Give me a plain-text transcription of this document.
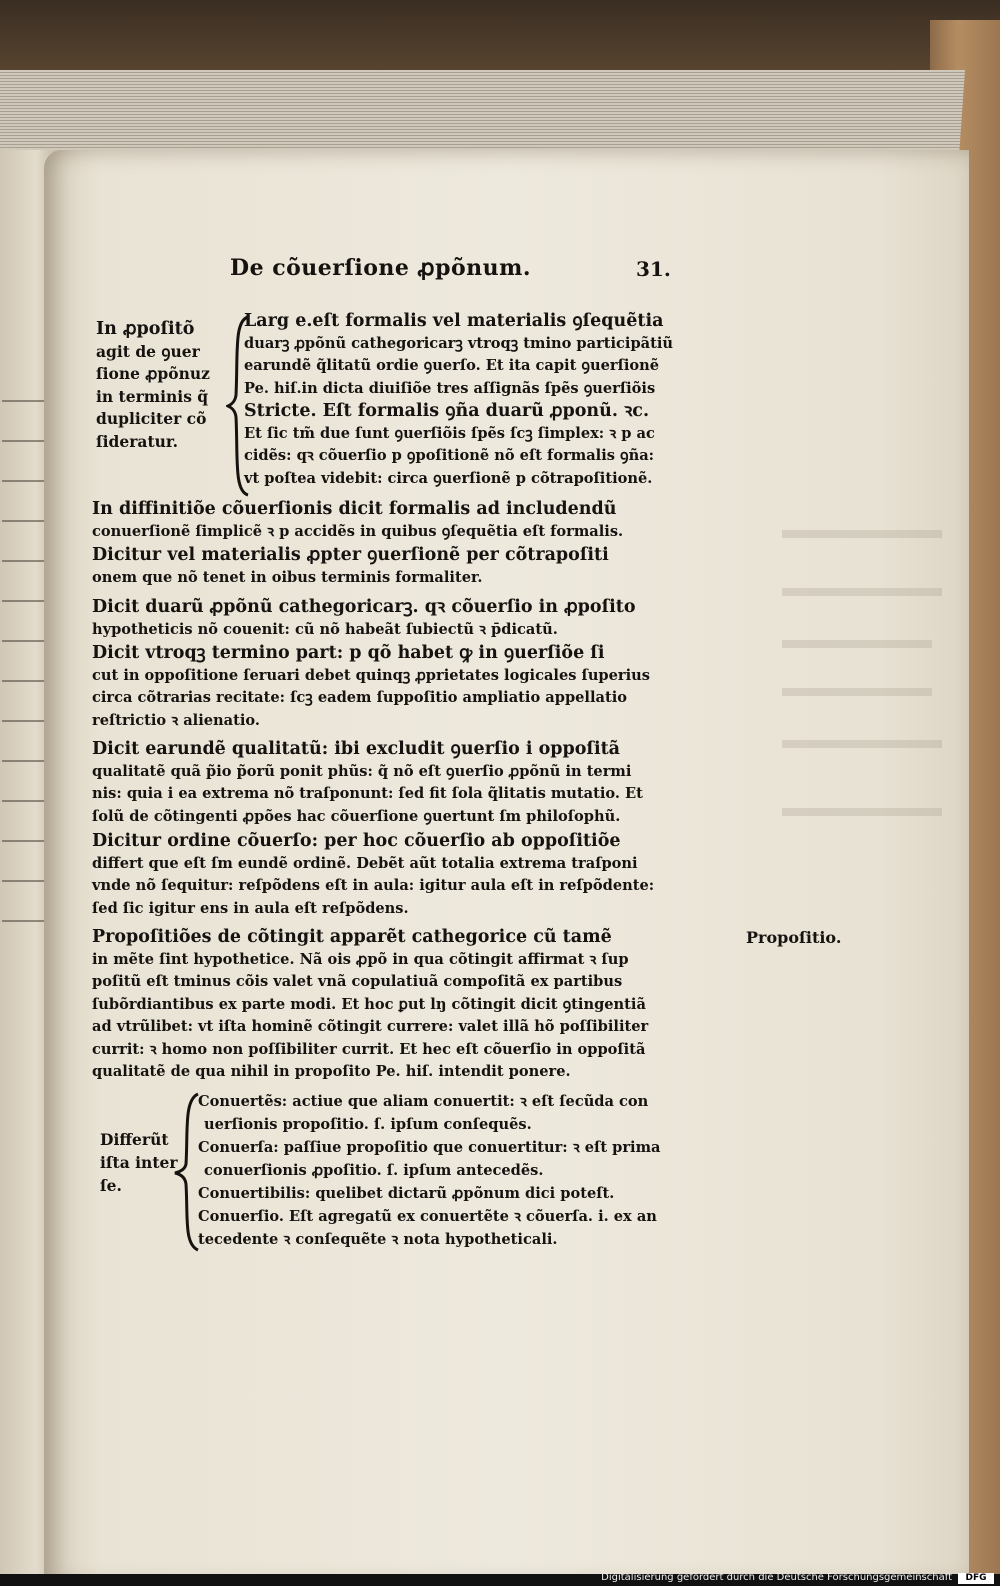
De cõuerſione ꝓpõnum.	31.
In ꝓpoſitõ
agit de ꝯuer
ſione ꝓpõnuz
in terminis q̃
dupliciter cõ
ſideratur.
Larg e.eſt formalis vel materialis ꝯſequẽtia
duarꝫ ꝓpõnũ cathegoricarꝫ vtroqꝫ tmino participãtiũ
earundẽ q̃litatũ ordie ꝯuerſo. Et ita capit ꝯuerſionẽ
Pe. hiſ.in dicta diuiſiõe tres aſſignãs ſpẽs ꝯuerſiõis
Stricte. Eſt formalis ꝯña duarũ ꝓponũ. ꝛc.
Et ſic tm̃ due ſunt ꝯuerſiõis ſpẽs ſcꝫ ſimplex: ꝛ p ac
cidẽs: qꝛ cõuerſio p ꝯpoſitionẽ nõ eſt formalis ꝯña:
vt poſtea videbit: circa ꝯuerſionẽ p cõtrapoſitionẽ.
In diffinitiõe cõuerſionis dicit formalis ad includendũ
conuerſionẽ ſimplicẽ ꝛ p accidẽs in quibus ꝯſequẽtia eſt formalis.
Dicitur vel materialis ꝓpter ꝯuerſionẽ per cõtrapoſiti
onem que nõ tenet in oibus terminis formaliter.
Dicit duarũ ꝓpõnũ cathegoricarꝫ. qꝛ cõuerſio in ꝓpoſito
hypotheticis nõ couenit: cũ nõ habeãt ſubiectũ ꝛ p̄dicatũ.
Dicit vtroqꝫ termino part: p qõ habet ꝙ in ꝯuerſiõe ſi
cut in oppoſitione ſeruari debet quinqꝫ ꝓprietates logicales ſuperius
circa cõtrarias recitate: ſcꝫ eadem ſuppoſitio ampliatio appellatio
reſtrictio ꝛ alienatio.
Dicit earundẽ qualitatũ: ibi excludit ꝯuerſio i oppoſitã
qualitatẽ quã p̃io p̃orũ ponit phũs: q̃ nõ eſt ꝯuerſio ꝓpõnũ in termi
nis: quia i ea extrema nõ traſponunt: ſed fit ſola q̃litatis mutatio. Et
ſolũ de cõtingenti ꝓpões hac cõuerſione ꝯuertunt ſm philoſophũ.
Dicitur ordine cõuerſo: per hoc cõuerſio ab oppoſitiõe
differt que eſt ſm eundẽ ordinẽ. Debẽt aũt totalia extrema traſponi
vnde nõ ſequitur: reſpõdens eſt in aula: igitur aula eſt in reſpõdente:
ſed ſic igitur ens in aula eſt reſpõdens.
Propoſitiões de cõtingit apparẽt cathegorice cũ tamẽ
in mẽte ſint hypothetice. Nã ois ꝓpõ in qua cõtingit affirmat ꝛ ſup
poſitũ eſt tminus cõis valet vnã copulatiuã compoſitã ex partibus
ſubõrdiantibus ex parte modi. Et hoc ꝑut lŋ cõtingit dicit ꝯtingentiã
ad vtrũlibet: vt iſta hominẽ cõtingit currere: valet illã hõ poſſibiliter
currit: ꝛ homo non poſſibiliter currit. Et hec eſt cõuerſio in oppoſitã
qualitatẽ de qua nihil in propoſito Pe. hiſ. intendit ponere.
Propoſitio.
Differũt
iſta inter
ſe.
Conuertẽs: actiue que aliam conuertit: ꝛ eſt ſecũda con
uerſionis propoſitio. ſ. ipſum conſequẽs.
Conuerſa: paſſiue propoſitio que conuertitur: ꝛ eſt prima
conuerſionis ꝓpoſitio. ſ. ipſum antecedẽs.
Conuertibilis: quelibet dictarũ ꝓpõnum dici poteſt.
Conuerſio. Eſt agregatũ ex conuertẽte ꝛ cõuerſa. i. ex an
tecedente ꝛ conſequẽte ꝛ nota hypotheticali.
Digitalisierung gefördert durch die Deutsche Forschungsgemeinschaft	DFG
